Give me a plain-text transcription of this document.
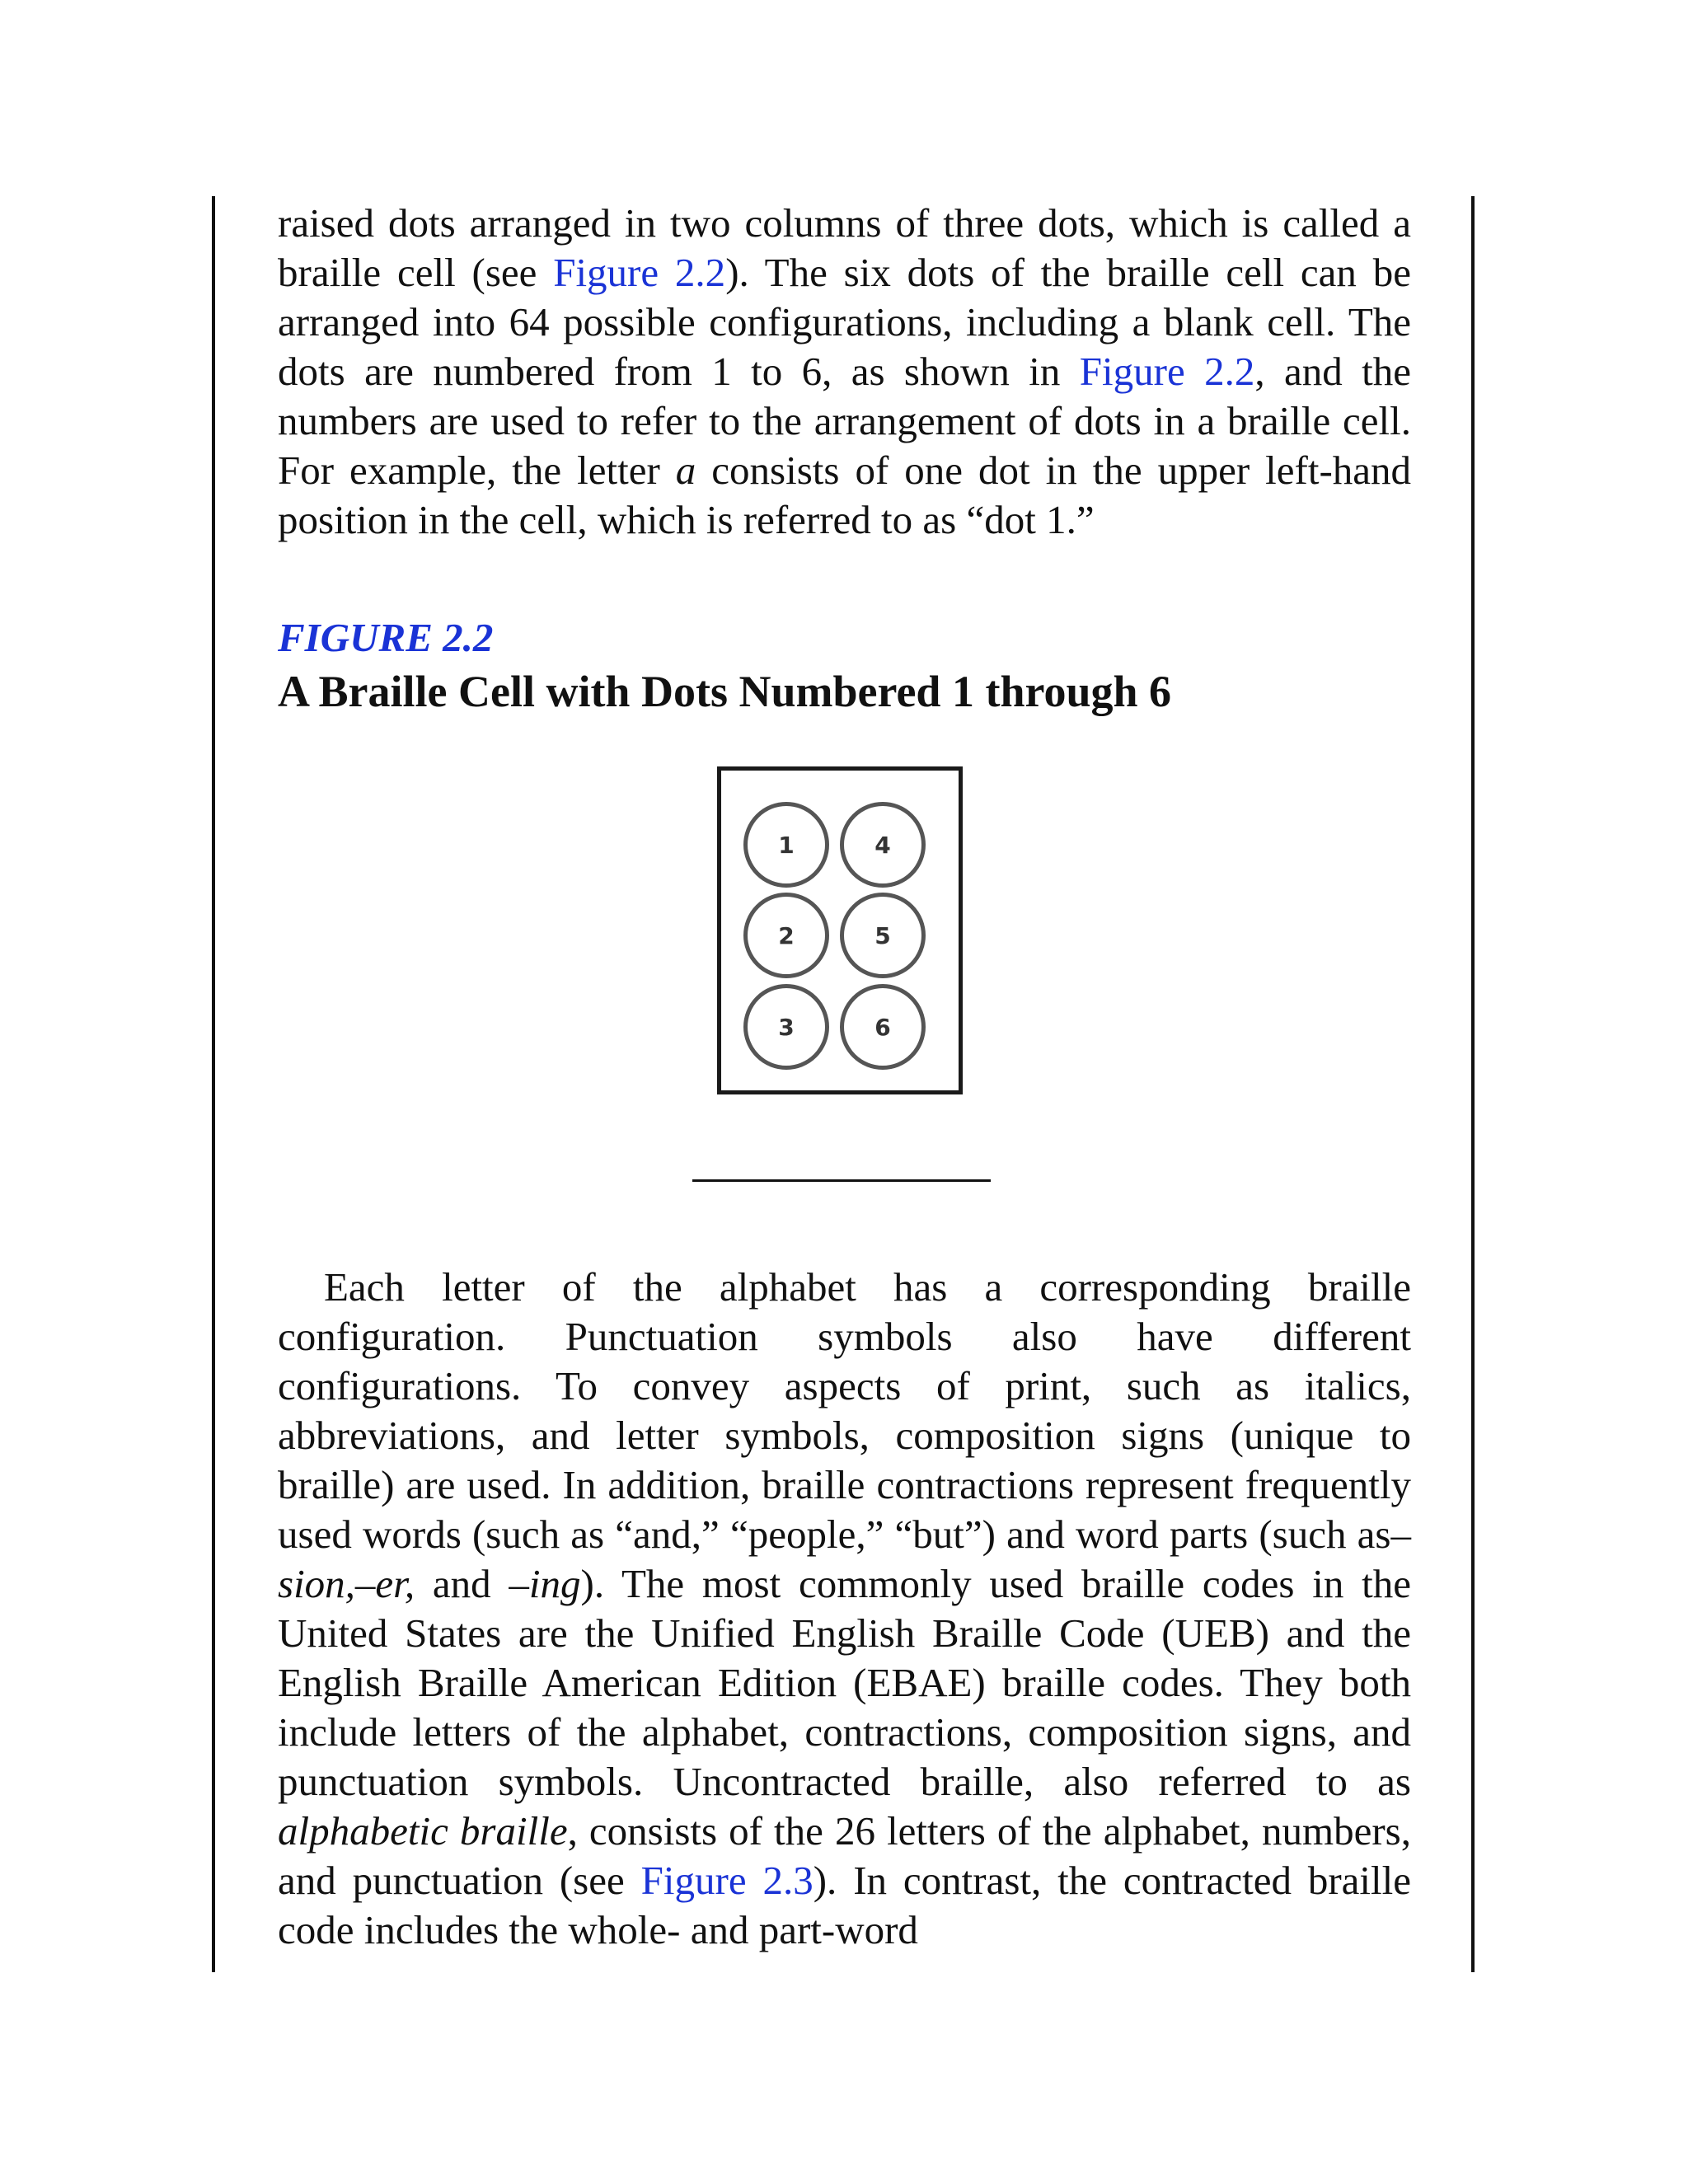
raised dots arranged in two columns of three dots, which is called a braille cell (see Figure 2.2). The six dots of the braille cell can be arranged into 64 possible configurations, including a blank cell. The dots are numbered from 1 to 6, as shown in Figure 2.2, and the numbers are used to refer to the arrangement of dots in a braille cell. For example, the letter a consists of one dot in the upper left-hand position in the cell, which is referred to as “dot 1.”

FIGURE 2.2
A Braille Cell with Dots Numbered 1 through 6
1
2
3
4
5
6

Each letter of the alphabet has a corresponding braille configuration. Punctuation symbols also have different configurations. To convey aspects of print, such as italics, abbreviations, and letter symbols, composition signs (unique to braille) are used. In addition, braille contractions represent frequently used words (such as “and,” “people,” “but”) and word parts (such as–sion,–er, and –ing). The most commonly used braille codes in the United States are the Unified English Braille Code (UEB) and the English Braille American Edition (EBAE) braille codes. They both include letters of the alphabet, contractions, composition signs, and punctuation symbols. Uncontracted braille, also referred to as alphabetic braille, consists of the 26 letters of the alphabet, numbers, and punctuation (see Figure 2.3). In contrast, the contracted braille code includes the whole- and part-word
